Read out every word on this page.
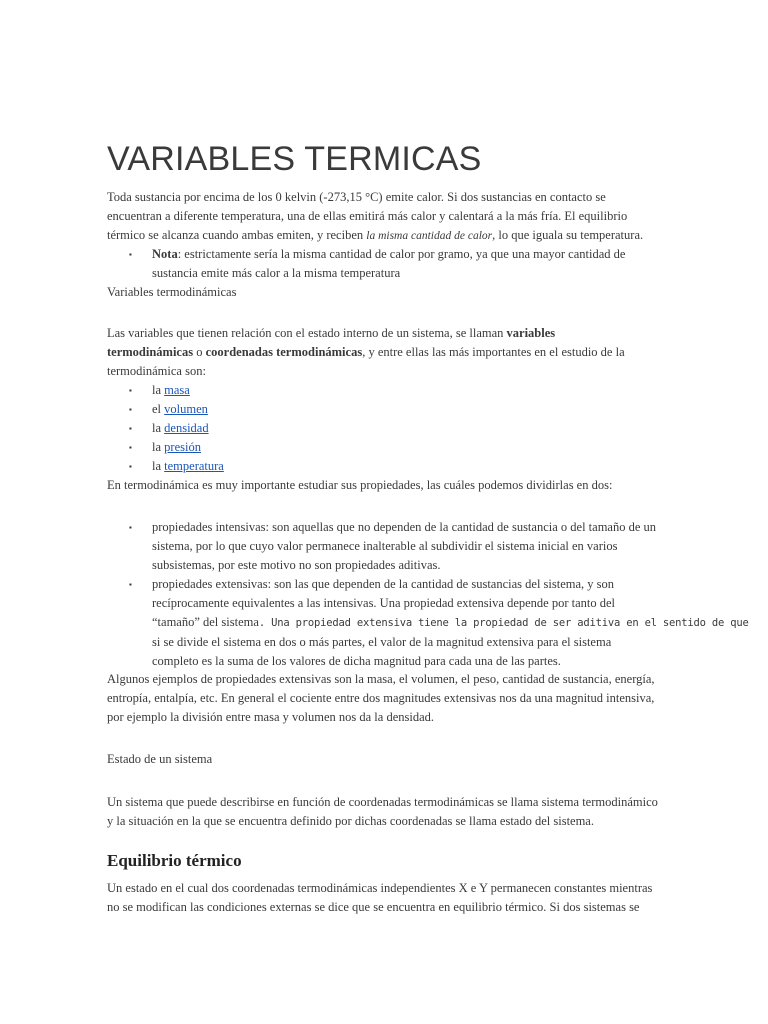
VARIABLES TERMICAS

Toda sustancia por encima de los 0 kelvin (-273,15 °C) emite calor. Si dos sustancias en contacto se
encuentran a diferente temperatura, una de ellas emitirá más calor y calentará a la más fría. El equilibrio
térmico se alcanza cuando ambas emiten, y reciben la misma cantidad de calor, lo que iguala su temperatura.

▪ Nota: estrictamente sería la misma cantidad de calor por gramo, ya que una mayor cantidad de
sustancia emite más calor a la misma temperatura

Variables termodinámicas

Las variables que tienen relación con el estado interno de un sistema, se llaman variables
termodinámicas o coordenadas termodinámicas, y entre ellas las más importantes en el estudio de la
termodinámica son:

▪ la masa
▪ el volumen
▪ la densidad
▪ la presión
▪ la temperatura

En termodinámica es muy importante estudiar sus propiedades, las cuáles podemos dividirlas en dos:

▪ propiedades intensivas: son aquellas que no dependen de la cantidad de sustancia o del tamaño de un
sistema, por lo que cuyo valor permanece inalterable al subdividir el sistema inicial en varios
subsistemas, por este motivo no son propiedades aditivas.
▪ propiedades extensivas: son las que dependen de la cantidad de sustancias del sistema, y son
recíprocamente equivalentes a las intensivas. Una propiedad extensiva depende por tanto del
“tamaño” del sistema. Una propiedad extensiva tiene la propiedad de ser aditiva en el sentido de que
si se divide el sistema en dos o más partes, el valor de la magnitud extensiva para el sistema
completo es la suma de los valores de dicha magnitud para cada una de las partes.

Algunos ejemplos de propiedades extensivas son la masa, el volumen, el peso, cantidad de sustancia, energía,
entropía, entalpía, etc. En general el cociente entre dos magnitudes extensivas nos da una magnitud intensiva,
por ejemplo la división entre masa y volumen nos da la densidad.

Estado de un sistema

Un sistema que puede describirse en función de coordenadas termodinámicas se llama sistema termodinámico
y la situación en la que se encuentra definido por dichas coordenadas se llama estado del sistema.

Equilibrio térmico

Un estado en el cual dos coordenadas termodinámicas independientes X e Y permanecen constantes mientras
no se modifican las condiciones externas se dice que se encuentra en equilibrio térmico. Si dos sistemas se
